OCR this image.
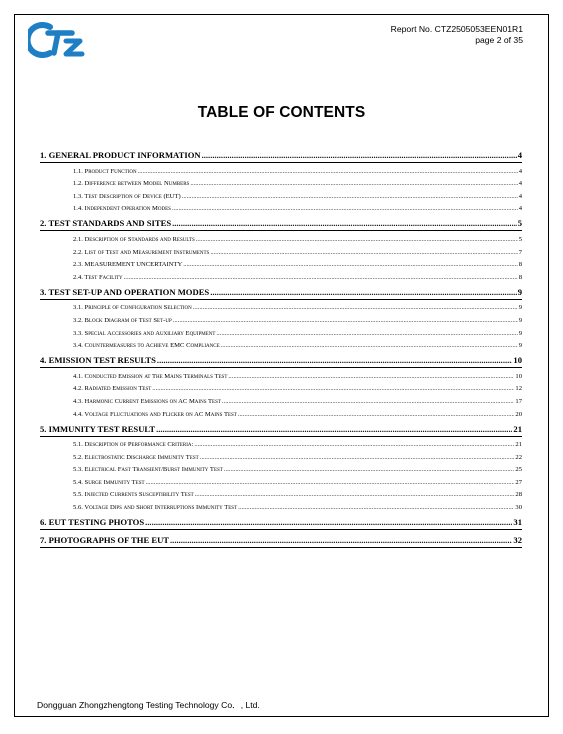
Report No. CTZ2505053EEN01R1
page 2 of 35
TABLE OF CONTENTS
1. GENERAL PRODUCT INFORMATION .....	4
1.1. Product Function .....	4
1.2. Difference between Model Numbers .....	4
1.3. Test Description of Device (EUT) .....	4
1.4. Independent Operation Modes .....	4
2. TEST STANDARDS AND SITES .....	5
2.1. Description of Standards and Results .....	5
2.2. List of Test and Measurement Instruments .....	7
2.3. MEASUREMENT UNCERTAINTY .....	8
2.4. Test Facility .....	8
3. TEST SET-UP AND OPERATION MODES .....	9
3.1. Principle of Configuration Selection .....	9
3.2. Block Diagram of Test Set-up .....	9
3.3. Special Accessories and Auxiliary Equipment .....	9
3.4. Countermeasures to Achieve EMC Compliance .....	9
4. EMISSION TEST RESULTS .....	10
4.1. Conducted Emission at The Mains Terminals Test .....	10
4.2. Radiated Emission Test .....	12
4.3. Harmonic Current Emissions on AC Mains Test .....	17
4.4. Voltage Fluctuations and Flicker on AC Mains Test .....	20
5. IMMUNITY TEST RESULT .....	21
5.1. Description of Performance Criteria: .....	21
5.2. Electrostatic Discharge Immunity Test .....	22
5.3. Electrical Fast Transient/Burst Immunity Test .....	25
5.4. Surge Immunity Test .....	27
5.5. Injected Currents Susceptibility Test .....	28
5.6. Voltage Dips and Short Interruptions Immunity Test .....	30
6. EUT TESTING PHOTOS .....	31
7. PHOTOGRAPHS OF THE EUT .....	32
Dongguan Zhongzhengtong Testing Technology Co．, Ltd.
